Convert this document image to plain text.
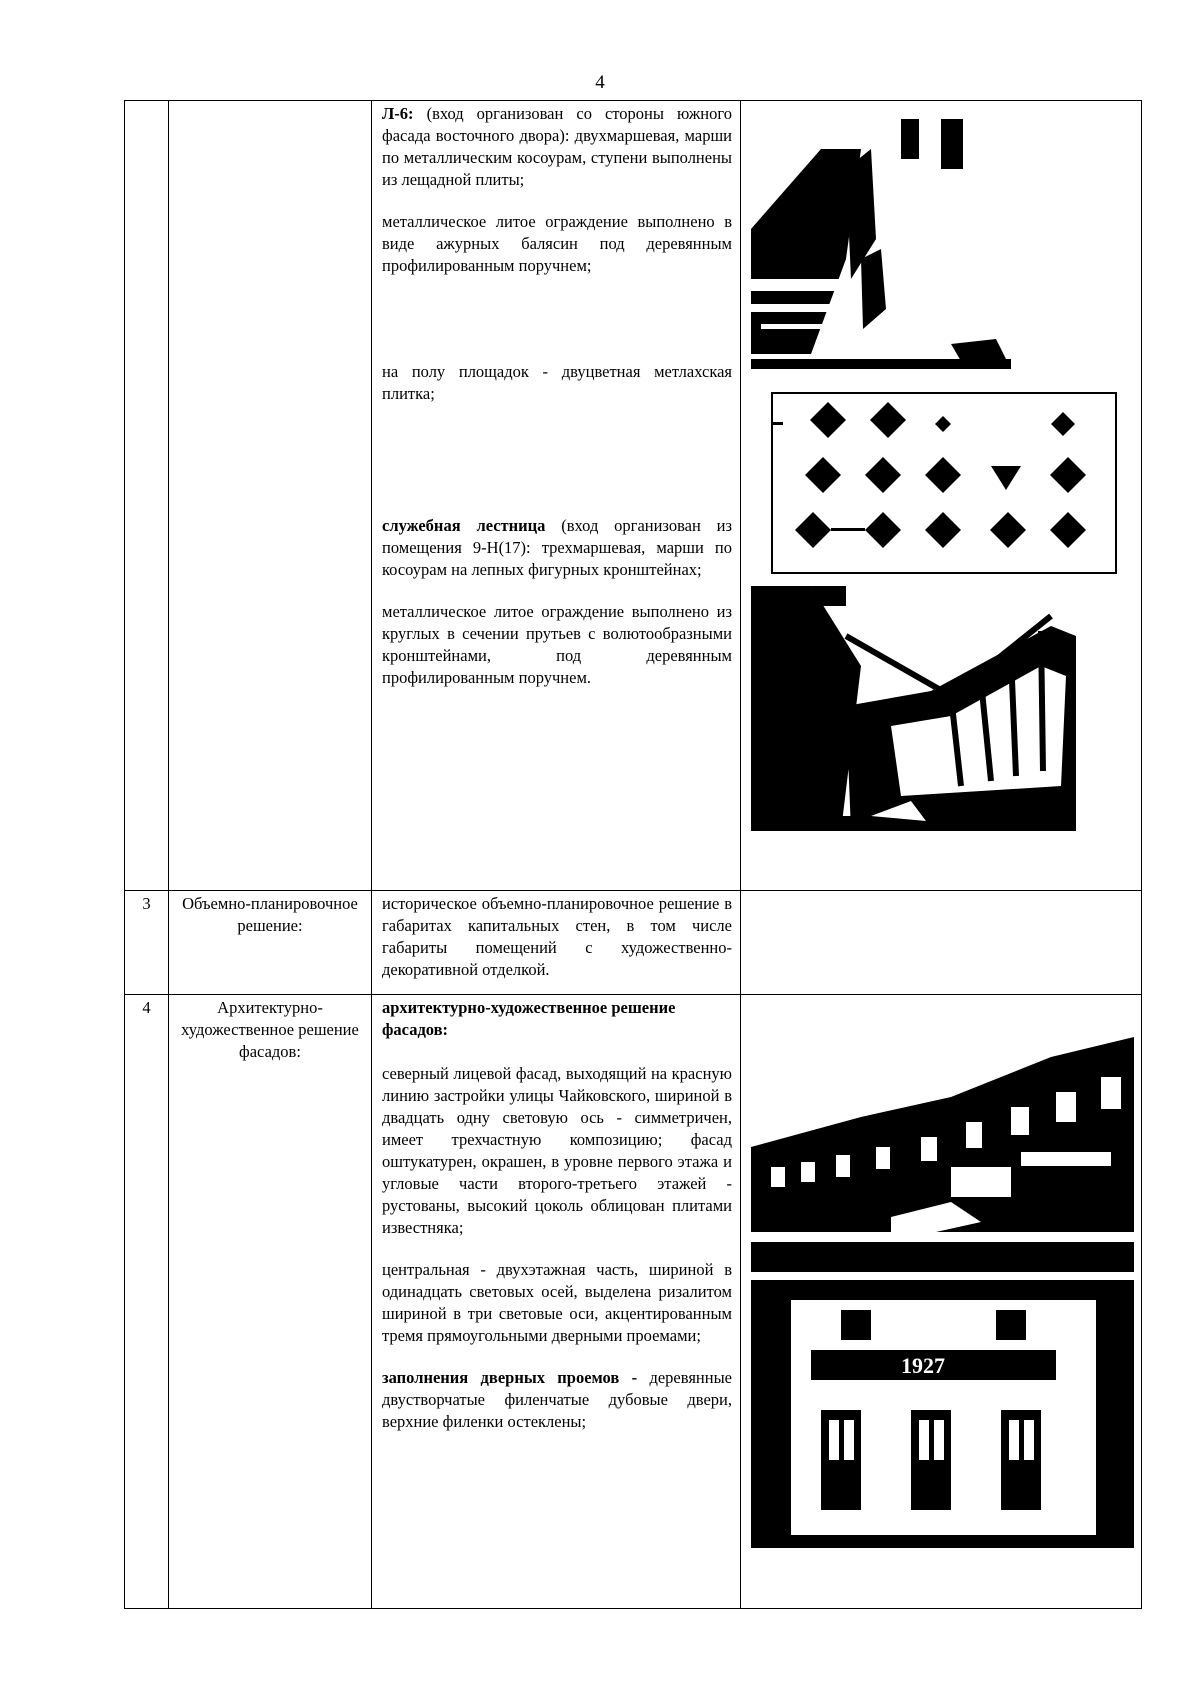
4

		Л-6: (вход организован со стороны южного фасада восточного двора): двухмаршевая, марши по металлическим косоурам, ступени выполнены из лещадной плиты;

металлическое литое ограждение выполнено в виде ажурных балясин под деревянным профилированным поручнем;

на полу площадок - двуцветная метлахская плитка;

служебная лестница (вход организован из помещения 9-Н(17): трехмаршевая, марши по косоурам на лепных фигурных кронштейнах;

металлическое литое ограждение выполнено из круглых в сечении прутьев с волютообразными кронштейнами, под деревянным профилированным поручнем.

3	Объемно-планировочное решение:	историческое объемно-планировочное решение в габаритах капитальных стен, в том числе габариты помещений с художественно-декоративной отделкой.	

4	Архитектурно-художественное решение фасадов:	архитектурно-художественное решение фасадов:

северный лицевой фасад, выходящий на красную линию застройки улицы Чайковского, шириной в двадцать одну световую ось - симметричен, имеет трехчастную композицию; фасад оштукатурен, окрашен, в уровне первого этажа и угловые части второго-третьего этажей - рустованы, высокий цоколь облицован плитами известняка;

центральная - двухэтажная часть, шириной в одинадцать световых осей, выделена ризалитом шириной в три световые оси, акцентированным тремя прямоугольными дверными проемами;

заполнения дверных проемов - деревянные двустворчатые филенчатые дубовые двери, верхние филенки остеклены;	1927
